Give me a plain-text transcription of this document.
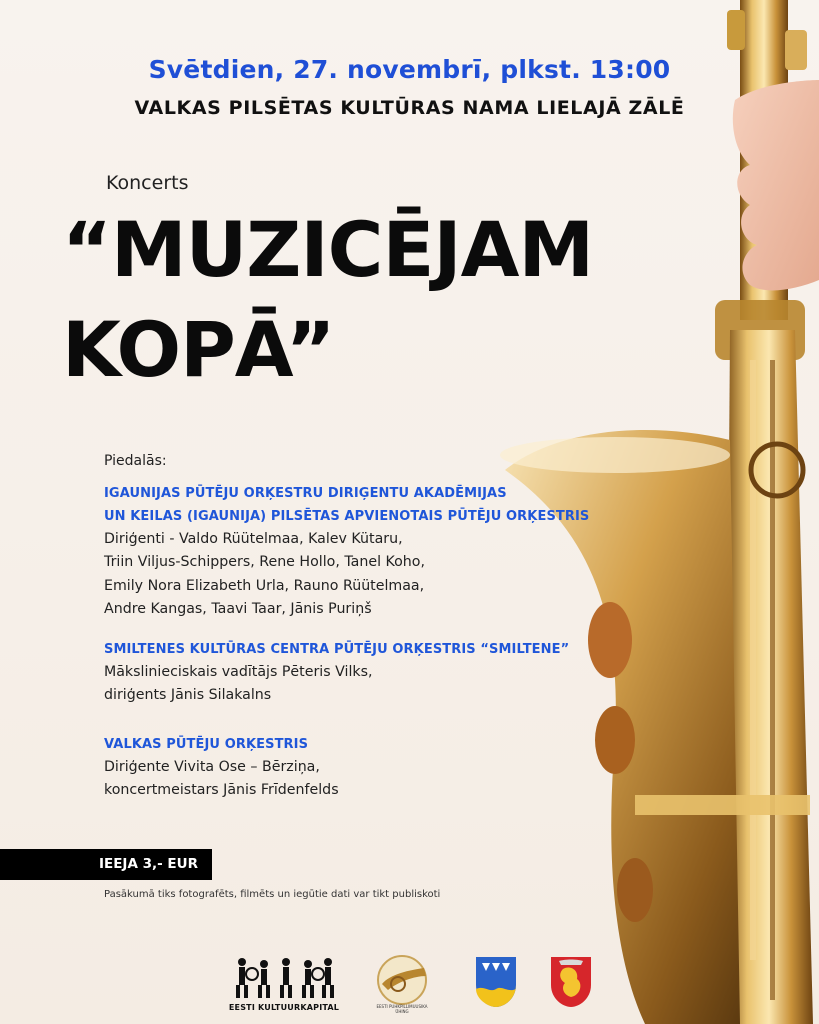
Svētdien, 27. novembrī, plkst. 13:00
VALKAS PILSĒTAS KULTŪRAS NAMA LIELAJĀ ZĀLĒ
Koncerts
“MUZICĒJAM
KOPĀ”
Piedalās:
IGAUNIJAS PŪTĒJU ORĶESTRU DIRIĢENTU AKADĒMIJAS
UN KEILAS (IGAUNIJA) PILSĒTAS APVIENOTAIS PŪTĒJU ORĶESTRIS
Diriģenti - Valdo Rüütelmaa, Kalev Kütaru,
Triin Viljus-Schippers, Rene Hollo, Tanel Koho,
Emily Nora Elizabeth Urla, Rauno Rüütelmaa,
Andre Kangas, Taavi Taar, Jānis Puriņš
SMILTENES KULTŪRAS CENTRA PŪTĒJU ORĶESTRIS “SMILTENE”
Mākslinieciskais vadītājs Pēteris Vilks,
diriģents Jānis Silakalns
VALKAS PŪTĒJU ORĶESTRIS
Diriģente Vivita Ose – Bērziņa,
koncertmeistars Jānis Frīdenfelds
IEEJA 3,- EUR
Pasākumā tiks fotografēts, filmēts un iegūtie dati var tikt publiskoti
EESTI KULTUURKAPITAL	EESTI PUHKPILLIMUUSIKA ÜHING
